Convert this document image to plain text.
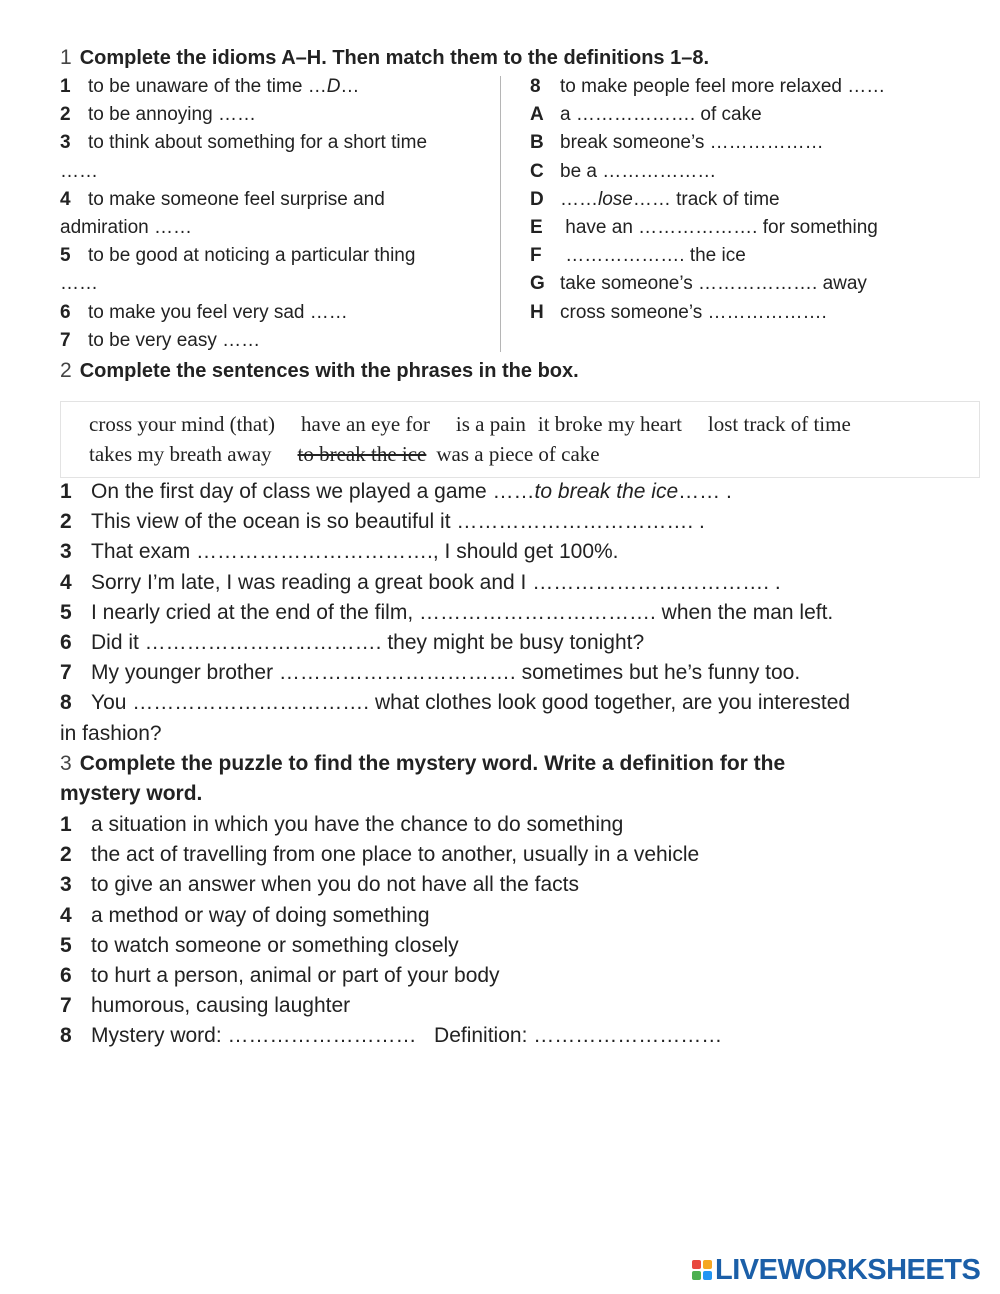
1 Complete the idioms A–H. Then match them to the definitions 1–8.
1 to be unaware of the time …D…
2 to be annoying ……
3 to think about something for a short time
……
4 to make someone feel surprise and
admiration ……
5 to be good at noticing a particular thing
……
6 to make you feel very sad ……
7 to be very easy ……
8 to make people feel more relaxed ……
A a ………………. of cake
B break someone’s ………………
C be a ………………
D ……lose…… track of time
E have an ………………. for something
F ………………. the ice
G take someone’s ………………. away
H cross someone’s ……………….
2 Complete the sentences with the phrases in the box.
cross your mind (that) have an eye for is a pain it broke my heart lost track of time
takes my breath away to break the ice was a piece of cake
1 On the first day of class we played a game ……to break the ice…… .
2 This view of the ocean is so beautiful it ……………………………. .
3 That exam ……………………………., I should get 100%.
4 Sorry I’m late, I was reading a great book and I ……………………………. .
5 I nearly cried at the end of the film, ……………………………. when the man left.
6 Did it ……………………………. they might be busy tonight?
7 My younger brother ……………………………. sometimes but he’s funny too.
8 You ……………………………. what clothes look good together, are you interested
in fashion?
3 Complete the puzzle to find the mystery word. Write a definition for the
mystery word.
1 a situation in which you have the chance to do something
2 the act of travelling from one place to another, usually in a vehicle
3 to give an answer when you do not have all the facts
4 a method or way of doing something
5 to watch someone or something closely
6 to hurt a person, animal or part of your body
7 humorous, causing laughter
8 Mystery word: ………………………   Definition: ………………………
LIVEWORKSHEETS
